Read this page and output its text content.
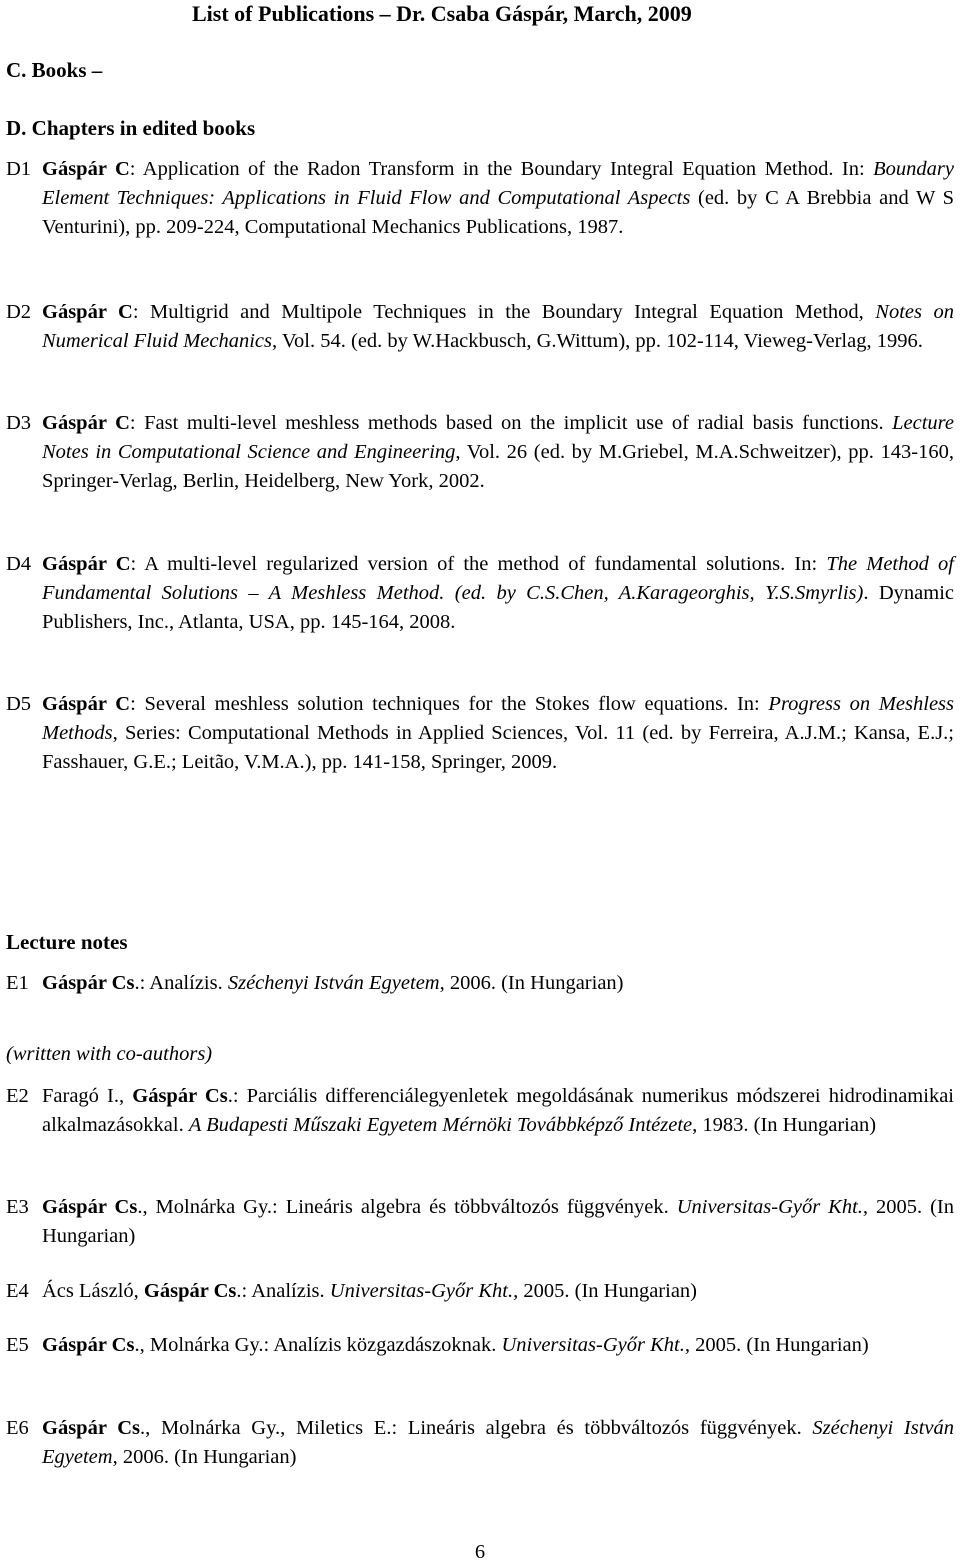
List of Publications – Dr. Csaba Gáspár, March, 2009
C. Books –
D. Chapters in edited books
D1 Gáspár C: Application of the Radon Transform in the Boundary Integral Equation Method. In: Boundary Element Techniques: Applications in Fluid Flow and Computational Aspects (ed. by C A Brebbia and W S Venturini), pp. 209-224, Computational Mechanics Publications, 1987.
D2 Gáspár C: Multigrid and Multipole Techniques in the Boundary Integral Equation Method, Notes on Numerical Fluid Mechanics, Vol. 54. (ed. by W.Hackbusch, G.Wittum), pp. 102-114, Vieweg-Verlag, 1996.
D3 Gáspár C: Fast multi-level meshless methods based on the implicit use of radial basis functions. Lecture Notes in Computational Science and Engineering, Vol. 26 (ed. by M.Griebel, M.A.Schweitzer), pp. 143-160, Springer-Verlag, Berlin, Heidelberg, New York, 2002.
D4 Gáspár C: A multi-level regularized version of the method of fundamental solutions. In: The Method of Fundamental Solutions – A Meshless Method. (ed. by C.S.Chen, A.Karageorghis, Y.S.Smyrlis). Dynamic Publishers, Inc., Atlanta, USA, pp. 145-164, 2008.
D5 Gáspár C: Several meshless solution techniques for the Stokes flow equations. In: Progress on Meshless Methods, Series: Computational Methods in Applied Sciences, Vol. 11 (ed. by Ferreira, A.J.M.; Kansa, E.J.; Fasshauer, G.E.; Leitão, V.M.A.), pp. 141-158, Springer, 2009.
Lecture notes
E1 Gáspár Cs.: Analízis. Széchenyi István Egyetem, 2006. (In Hungarian)
(written with co-authors)
E2 Faragó I., Gáspár Cs.: Parciális differenciálegyenletek megoldásának numerikus módszerei hidrodinamikai alkalmazásokkal. A Budapesti Műszaki Egyetem Mérnöki Továbbképző Intézete, 1983. (In Hungarian)
E3 Gáspár Cs., Molnárka Gy.: Lineáris algebra és többváltozós függvények. Universitas-Győr Kht., 2005. (In Hungarian)
E4 Ács László, Gáspár Cs.: Analízis. Universitas-Győr Kht., 2005. (In Hungarian)
E5 Gáspár Cs., Molnárka Gy.: Analízis közgazdászoknak. Universitas-Győr Kht., 2005. (In Hungarian)
E6 Gáspár Cs., Molnárka Gy., Miletics E.: Lineáris algebra és többváltozós függvények. Széchenyi István Egyetem, 2006. (In Hungarian)
6
